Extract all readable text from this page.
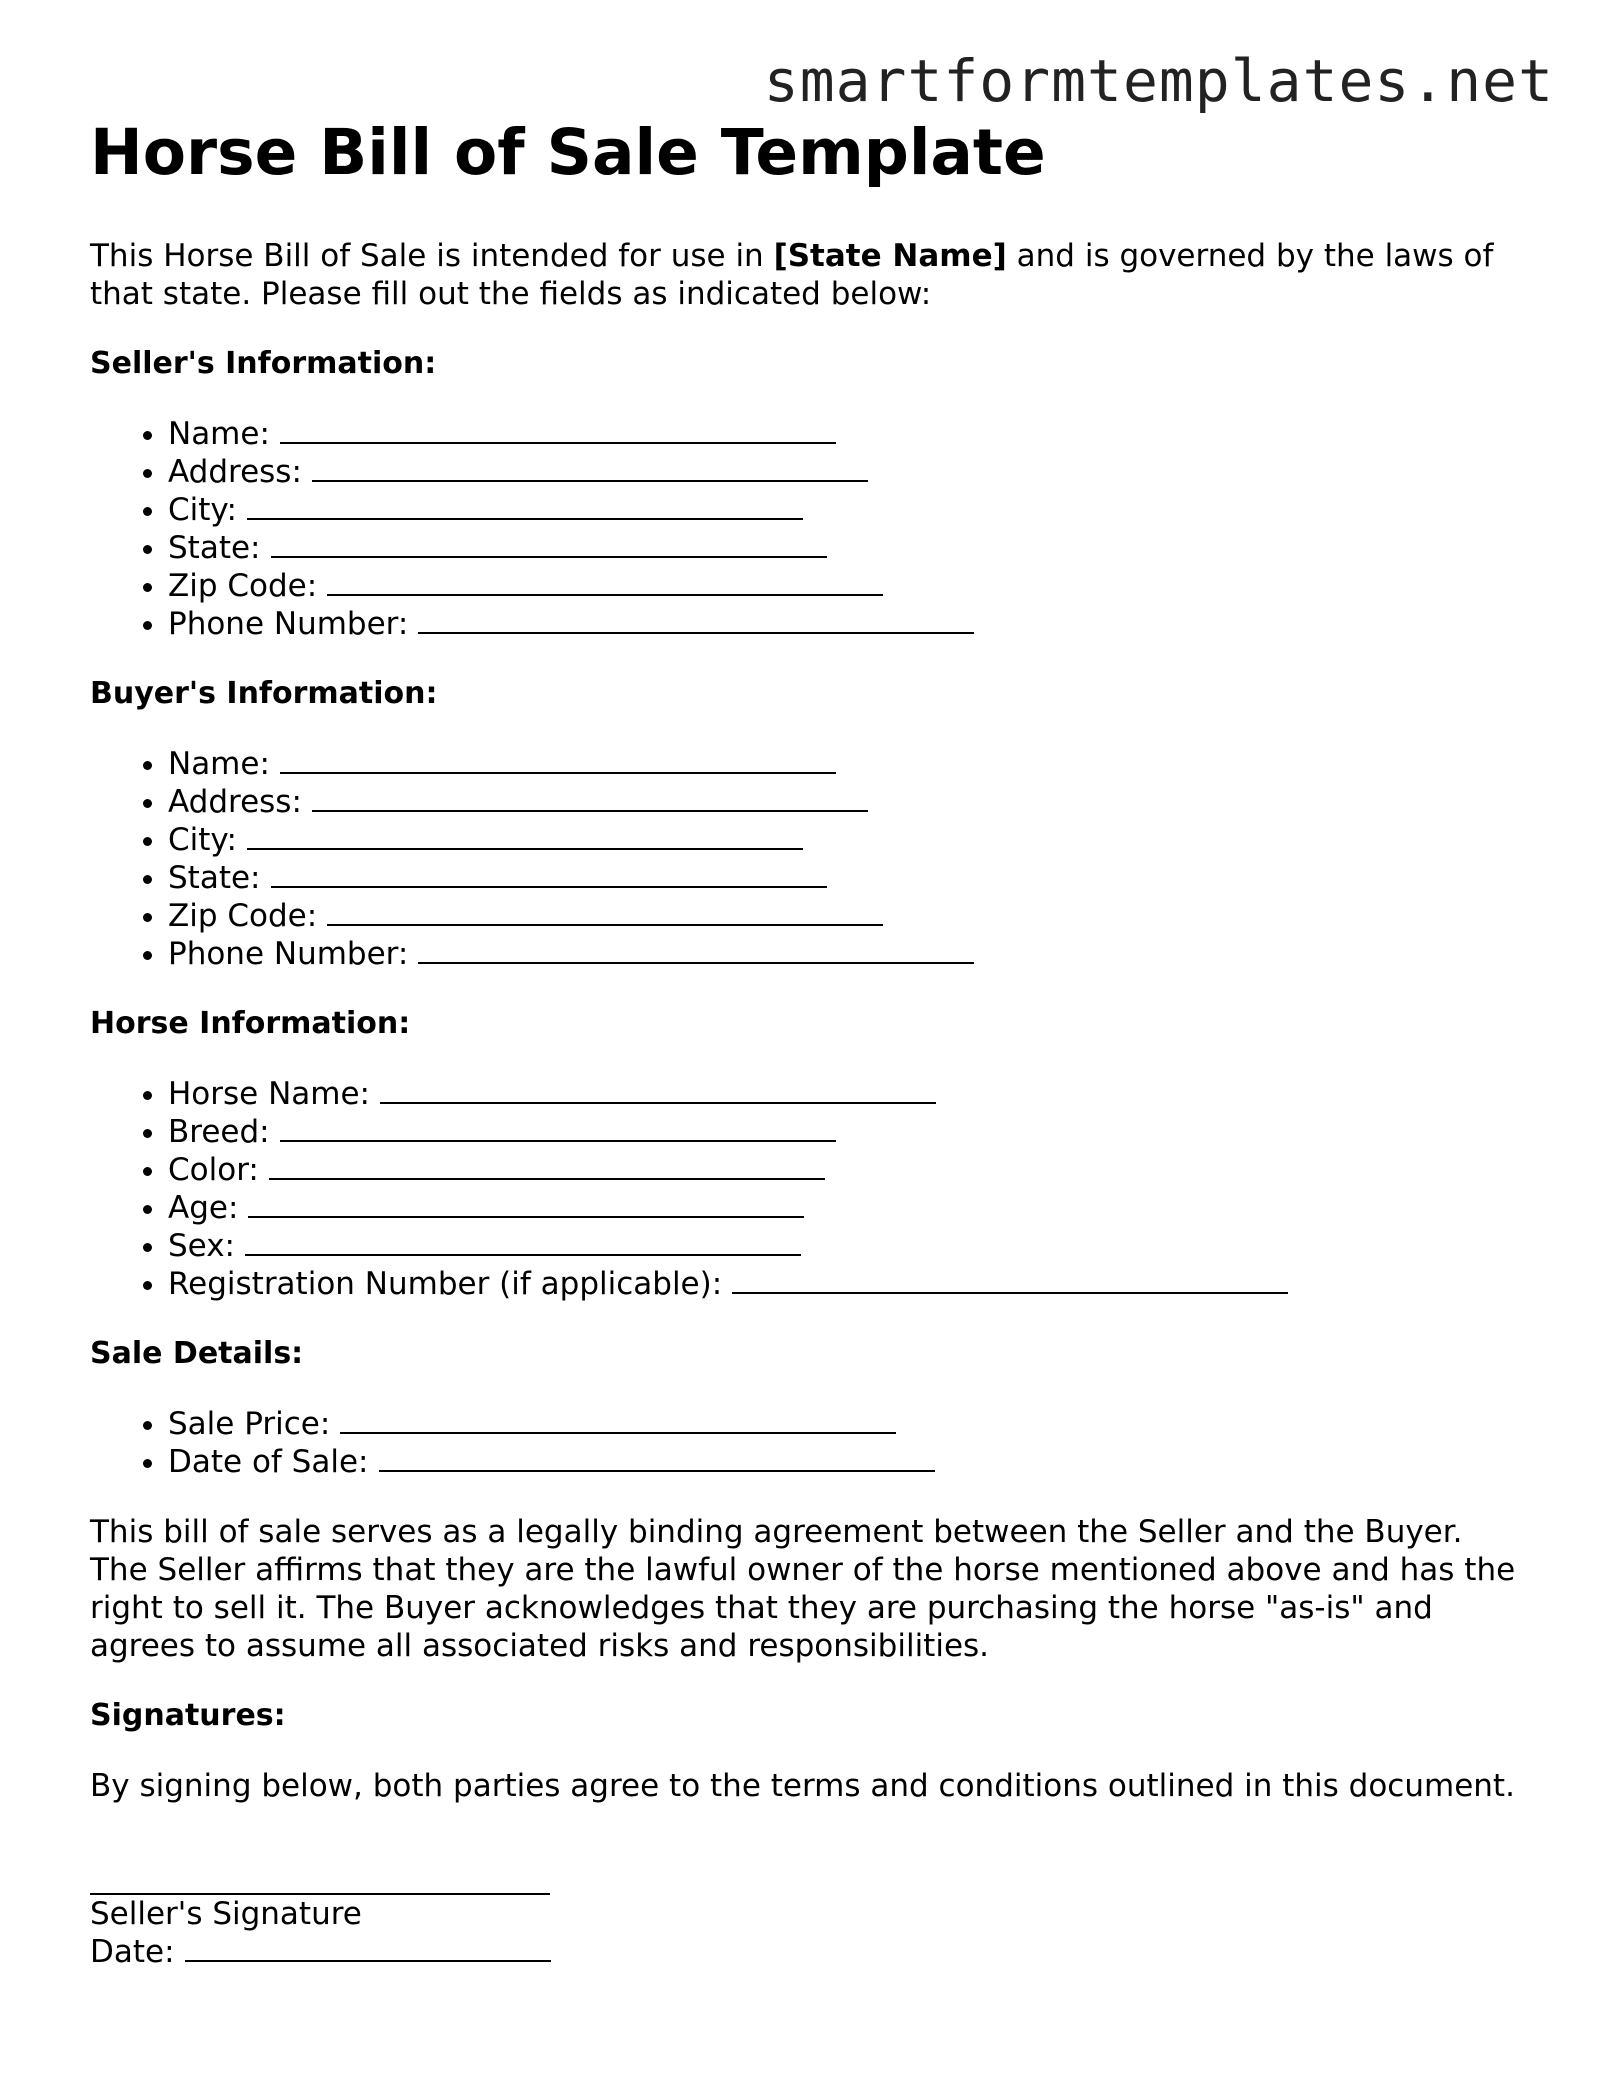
smartformtemplates.net
Horse Bill of Sale Template

This Horse Bill of Sale is intended for use in [State Name] and is governed by the laws of that state. Please fill out the fields as indicated below:

Seller's Information:
• Name:
• Address:
• City:
• State:
• Zip Code:
• Phone Number:
Buyer's Information:
• Name:
• Address:
• City:
• State:
• Zip Code:
• Phone Number:
Horse Information:
• Horse Name:
• Breed:
• Color:
• Age:
• Sex:
• Registration Number (if applicable):
Sale Details:
• Sale Price:
• Date of Sale:

This bill of sale serves as a legally binding agreement between the Seller and the Buyer. The Seller affirms that they are the lawful owner of the horse mentioned above and has the right to sell it. The Buyer acknowledges that they are purchasing the horse "as-is" and agrees to assume all associated risks and responsibilities.

Signatures:

By signing below, both parties agree to the terms and conditions outlined in this document.

Seller's Signature
Date:
